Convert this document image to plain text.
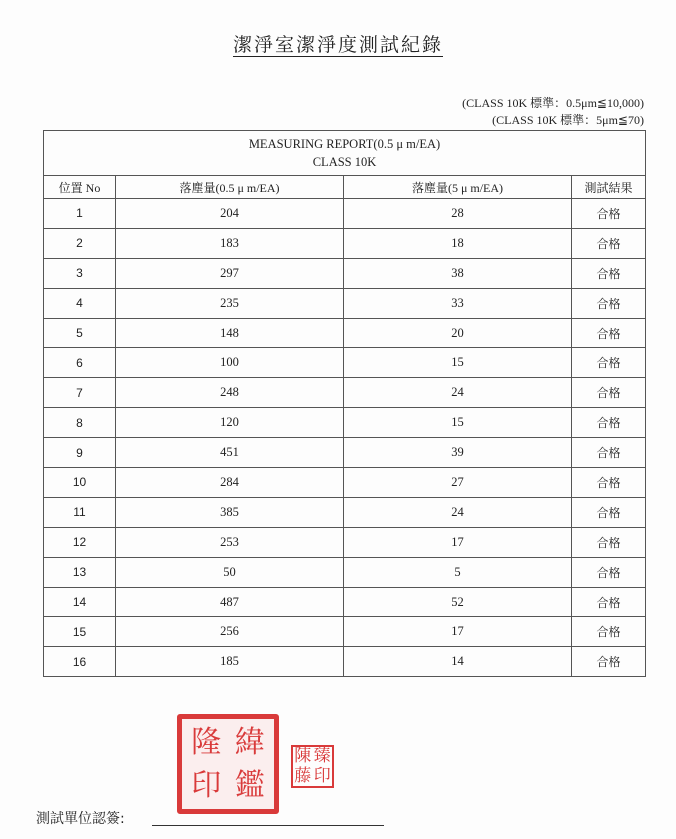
潔淨室潔淨度測試紀錄
(CLASS 10K 標準：0.5μm≦10,000)
(CLASS 10K 標準：5μm≦70)
MEASURING REPORT(0.5 μ m/EA)
CLASS 10K			

位置 No	落塵量(0.5 μ m/EA)	落塵量(5 μ m/EA)	測試結果
1	204	28	合格
2	183	18	合格
3	297	38	合格
4	235	33	合格
5	148	20	合格
6	100	15	合格
7	248	24	合格
8	120	15	合格
9	451	39	合格
10	284	27	合格
11	385	24	合格
12	253	17	合格
13	50	5	合格
14	487	52	合格
15	256	17	合格
16	185	14	合格
隆 緯
印 鑑
陳 臻
藤 印
測試單位認簽:
